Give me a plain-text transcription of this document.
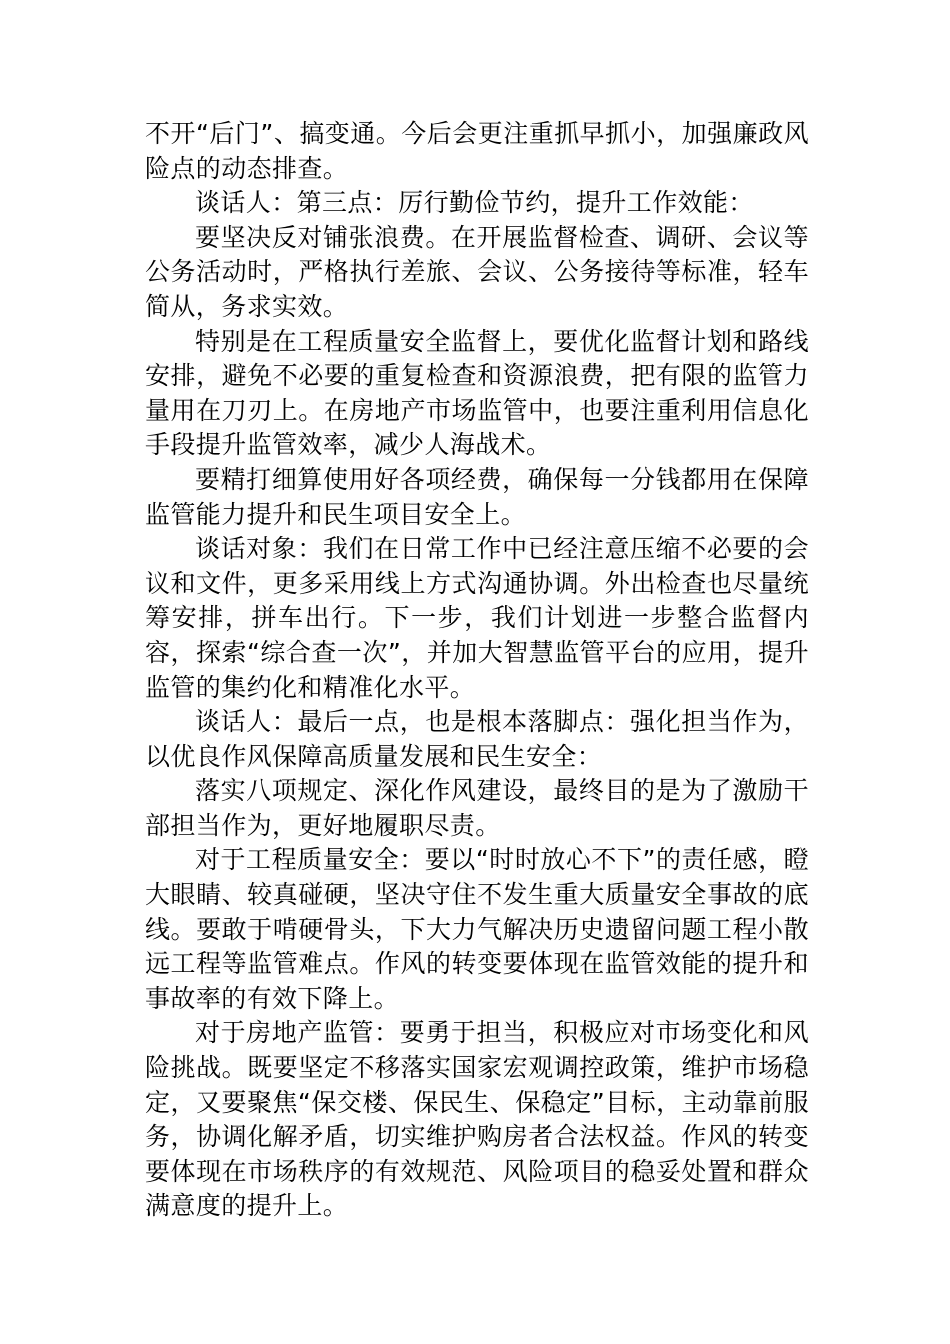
不开“后门”、搞变通。今后会更注重抓早抓小，加强廉政风险点的动态排查。

谈话人：第三点：厉行勤俭节约，提升工作效能：

要坚决反对铺张浪费。在开展监督检查、调研、会议等公务活动时，严格执行差旅、会议、公务接待等标准，轻车简从，务求实效。

特别是在工程质量安全监督上，要优化监督计划和路线安排，避免不必要的重复检查和资源浪费，把有限的监管力量用在刀刃上。在房地产市场监管中，也要注重利用信息化手段提升监管效率，减少人海战术。

要精打细算使用好各项经费，确保每一分钱都用在保障监管能力提升和民生项目安全上。

谈话对象：我们在日常工作中已经注意压缩不必要的会议和文件，更多采用线上方式沟通协调。外出检查也尽量统筹安排，拼车出行。下一步，我们计划进一步整合监督内容，探索“综合查一次”，并加大智慧监管平台的应用，提升监管的集约化和精准化水平。

谈话人：最后一点，也是根本落脚点：强化担当作为，以优良作风保障高质量发展和民生安全：

落实八项规定、深化作风建设，最终目的是为了激励干部担当作为，更好地履职尽责。

对于工程质量安全：要以“时时放心不下”的责任感，瞪大眼睛、较真碰硬，坚决守住不发生重大质量安全事故的底线。要敢于啃硬骨头，下大力气解决历史遗留问题工程小散远工程等监管难点。作风的转变要体现在监管效能的提升和事故率的有效下降上。

对于房地产监管：要勇于担当，积极应对市场变化和风险挑战。既要坚定不移落实国家宏观调控政策，维护市场稳定，又要聚焦“保交楼、保民生、保稳定”目标，主动靠前服务，协调化解矛盾，切实维护购房者合法权益。作风的转变要体现在市场秩序的有效规范、风险项目的稳妥处置和群众满意度的提升上。
